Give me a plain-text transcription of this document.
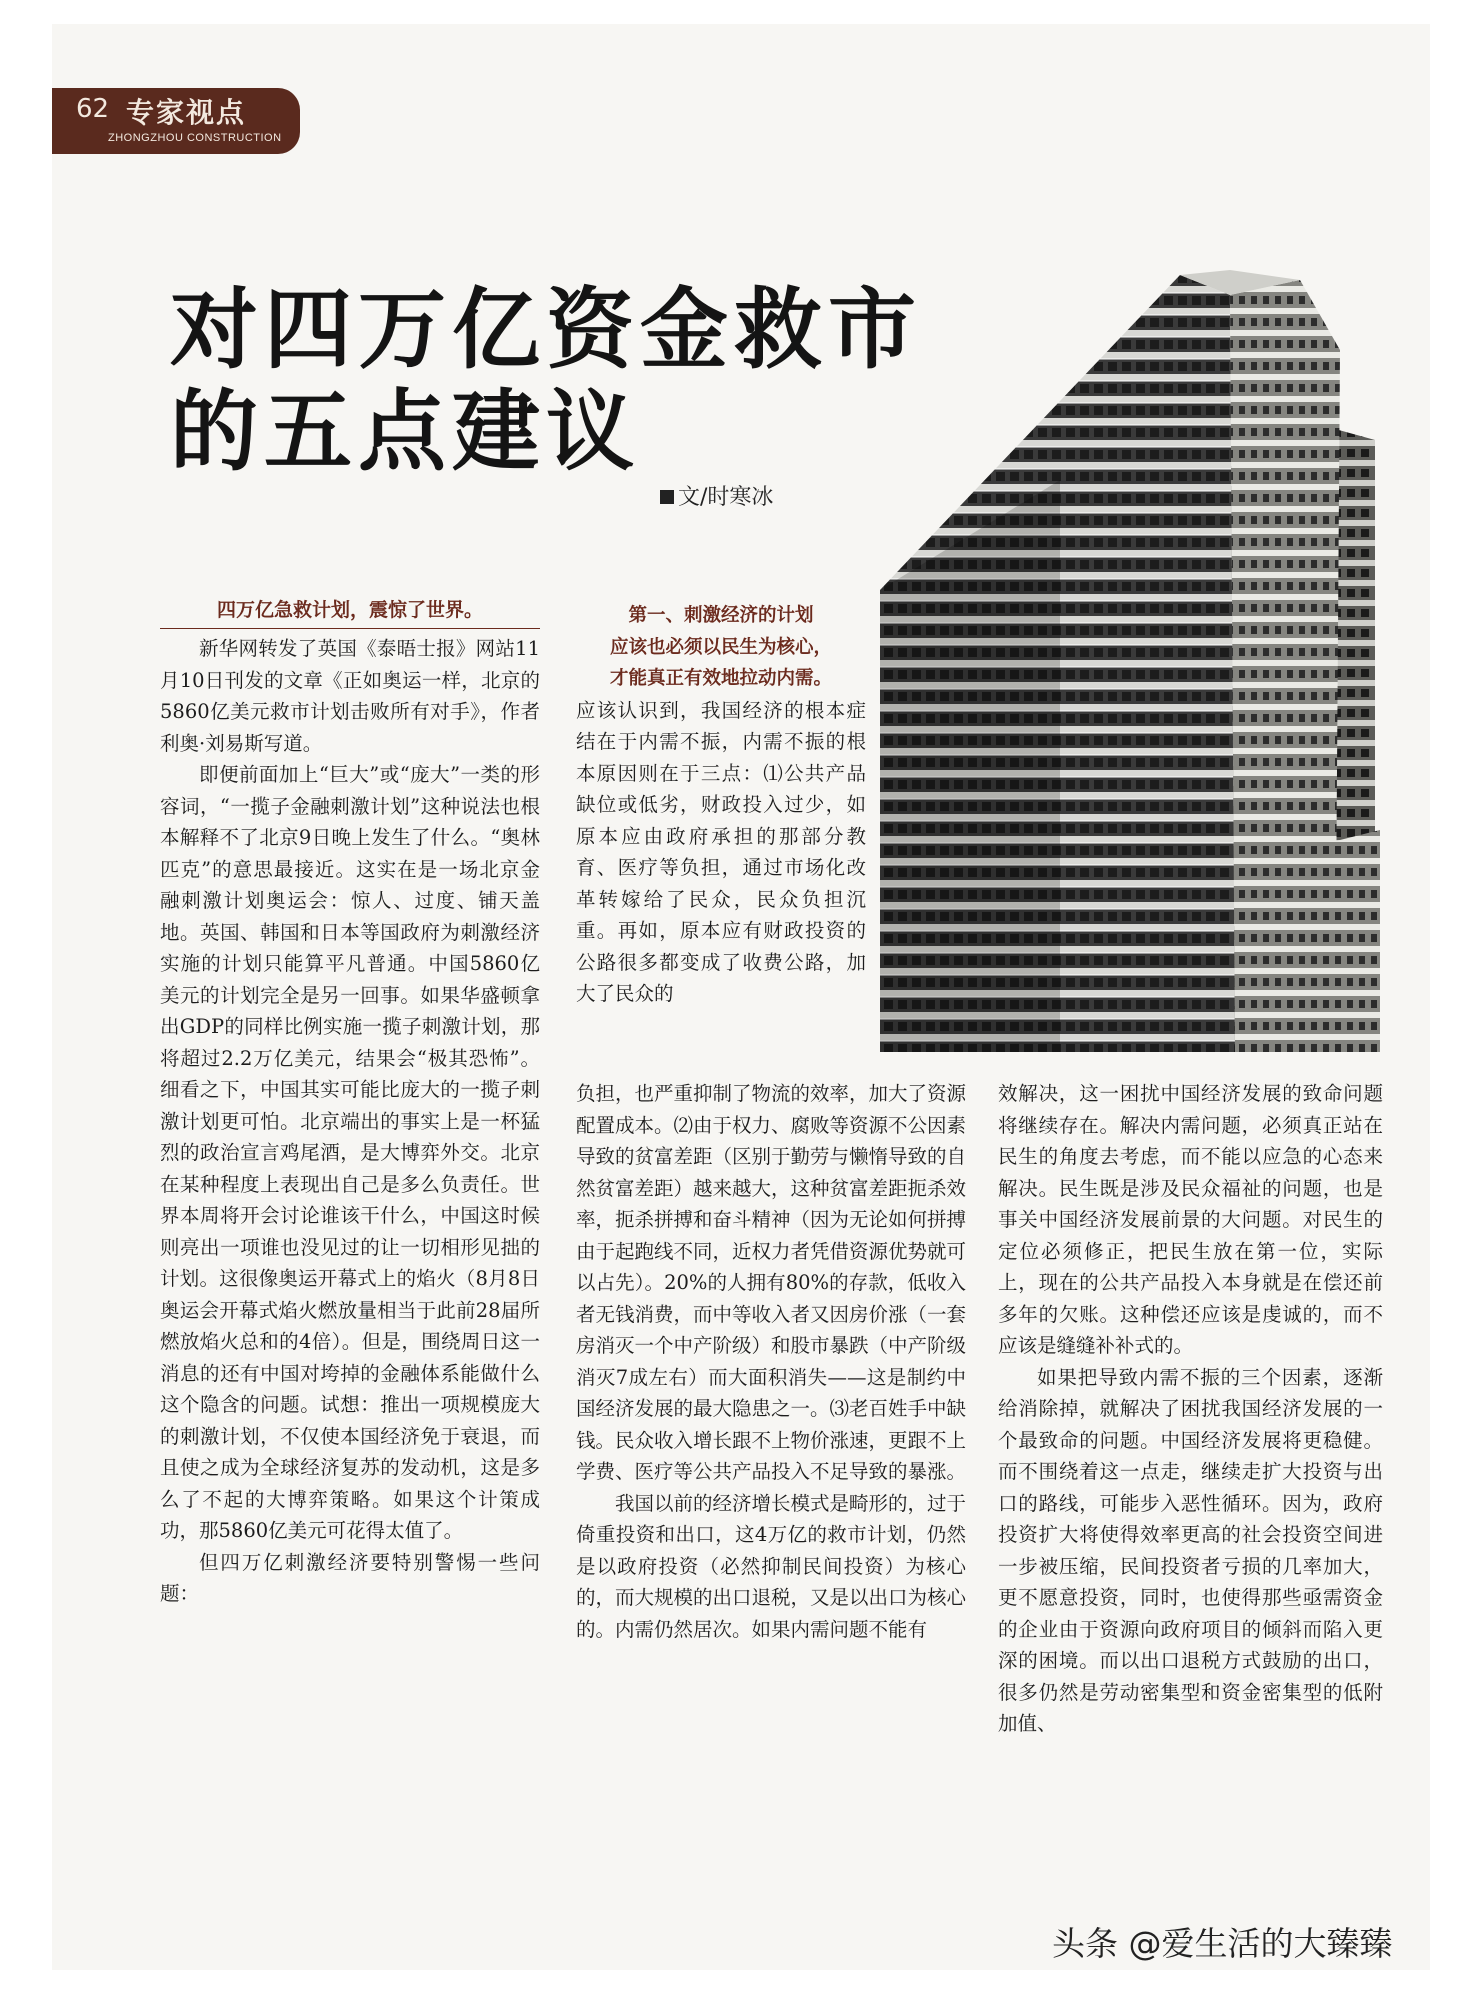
62 专家视点
ZHONGZHOU CONSTRUCTION
对四万亿资金救市
的五点建议
文/时寒冰
四万亿急救计划，震惊了世界。

新华网转发了英国《泰晤士报》网站11月10日刊发的文章《正如奥运一样，北京的5860亿美元救市计划击败所有对手》，作者利奥·刘易斯写道。

即便前面加上“巨大”或“庞大”一类的形容词，“一揽子金融刺激计划”这种说法也根本解释不了北京9日晚上发生了什么。“奥林匹克”的意思最接近。这实在是一场北京金融刺激计划奥运会：惊人、过度、铺天盖地。英国、韩国和日本等国政府为刺激经济实施的计划只能算平凡普通。中国5860亿美元的计划完全是另一回事。如果华盛顿拿出GDP的同样比例实施一揽子刺激计划，那将超过2.2万亿美元，结果会“极其恐怖”。细看之下，中国其实可能比庞大的一揽子刺激计划更可怕。北京端出的事实上是一杯猛烈的政治宣言鸡尾酒，是大博弈外交。北京在某种程度上表现出自己是多么负责任。世界本周将开会讨论谁该干什么，中国这时候则亮出一项谁也没见过的让一切相形见拙的计划。这很像奥运开幕式上的焰火（8月8日奥运会开幕式焰火燃放量相当于此前28届所燃放焰火总和的4倍）。但是，围绕周日这一消息的还有中国对垮掉的金融体系能做什么这个隐含的问题。试想：推出一项规模庞大的刺激计划，不仅使本国经济免于衰退，而且使之成为全球经济复苏的发动机，这是多么了不起的大博弈策略。如果这个计策成功，那5860亿美元可花得太值了。

但四万亿刺激经济要特别警惕一些问题：

第一、刺激经济的计划
应该也必须以民生为核心，
才能真正有效地拉动内需。

应该认识到，我国经济的根本症结在于内需不振，内需不振的根本原因则在于三点：⑴公共产品缺位或低劣，财政投入过少，如原本应由政府承担的那部分教育、医疗等负担，通过市场化改革转嫁给了民众，民众负担沉重。再如，原本应有财政投资的公路很多都变成了收费公路，加大了民众的

负担，也严重抑制了物流的效率，加大了资源配置成本。⑵由于权力、腐败等资源不公因素导致的贫富差距（区别于勤劳与懒惰导致的自然贫富差距）越来越大，这种贫富差距扼杀效率，扼杀拼搏和奋斗精神（因为无论如何拼搏由于起跑线不同，近权力者凭借资源优势就可以占先）。20%的人拥有80%的存款，低收入者无钱消费，而中等收入者又因房价涨（一套房消灭一个中产阶级）和股市暴跌（中产阶级消灭7成左右）而大面积消失——这是制约中国经济发展的最大隐患之一。⑶老百姓手中缺钱。民众收入增长跟不上物价涨速，更跟不上学费、医疗等公共产品投入不足导致的暴涨。

我国以前的经济增长模式是畸形的，过于倚重投资和出口，这4万亿的救市计划，仍然是以政府投资（必然抑制民间投资）为核心的，而大规模的出口退税，又是以出口为核心的。内需仍然居次。如果内需问题不能有

效解决，这一困扰中国经济发展的致命问题将继续存在。解决内需问题，必须真正站在民生的角度去考虑，而不能以应急的心态来解决。民生既是涉及民众福祉的问题，也是事关中国经济发展前景的大问题。对民生的定位必须修正，把民生放在第一位，实际上，现在的公共产品投入本身就是在偿还前多年的欠账。这种偿还应该是虔诚的，而不应该是缝缝补补式的。

如果把导致内需不振的三个因素，逐渐给消除掉，就解决了困扰我国经济发展的一个最致命的问题。中国经济发展将更稳健。而不围绕着这一点走，继续走扩大投资与出口的路线，可能步入恶性循环。因为，政府投资扩大将使得效率更高的社会投资空间进一步被压缩，民间投资者亏损的几率加大，更不愿意投资，同时，也使得那些亟需资金的企业由于资源向政府项目的倾斜而陷入更深的困境。而以出口退税方式鼓励的出口，很多仍然是劳动密集型和资金密集型的低附加值、

头条 @爱生活的大臻臻
